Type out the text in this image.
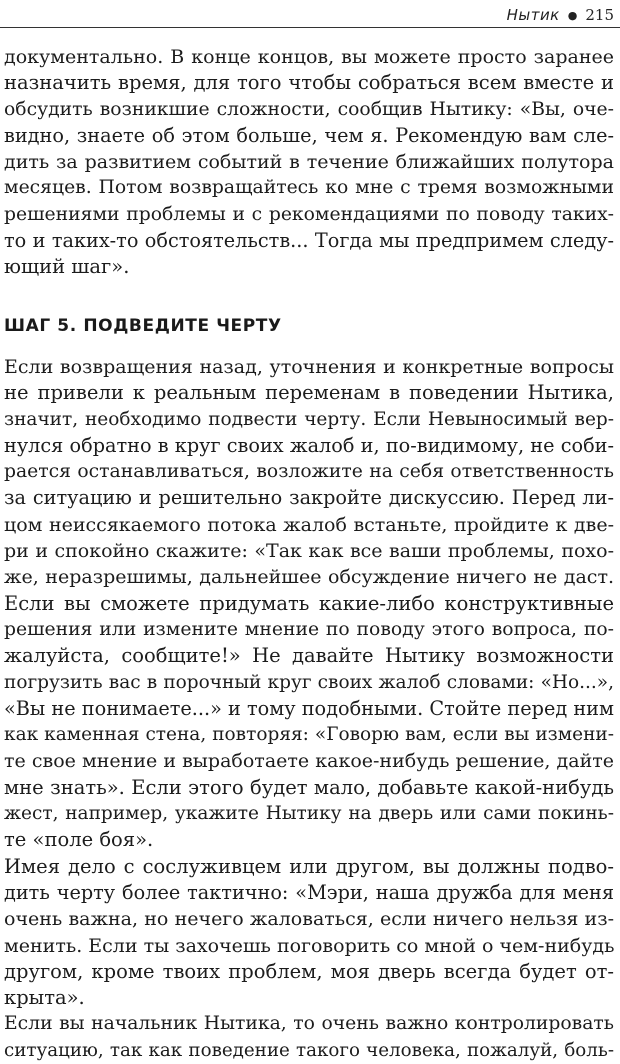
Нытик ● 215
документально. В конце концов, вы можете просто заранее
назначить время, для того чтобы собраться всем вместе и
обсудить возникшие сложности, сообщив Нытику: «Вы, оче-
видно, знаете об этом больше, чем я. Рекомендую вам сле-
дить за развитием событий в течение ближайших полутора
месяцев. Потом возвращайтесь ко мне с тремя возможными
решениями проблемы и с рекомендациями по поводу таких-
то и таких-то обстоятельств... Тогда мы предпримем следу-
ющий шаг».
ШАГ 5. ПОДВЕДИТЕ ЧЕРТУ
Если возвращения назад, уточнения и конкретные вопросы
не привели к реальным переменам в поведении Нытика,
значит, необходимо подвести черту. Если Невыносимый вер-
нулся обратно в круг своих жалоб и, по-видимому, не соби-
рается останавливаться, возложите на себя ответственность
за ситуацию и решительно закройте дискуссию. Перед ли-
цом неиссякаемого потока жалоб встаньте, пройдите к две-
ри и спокойно скажите: «Так как все ваши проблемы, похо-
же, неразрешимы, дальнейшее обсуждение ничего не даст.
Если вы сможете придумать какие-либо конструктивные
решения или измените мнение по поводу этого вопроса, по-
жалуйста, сообщите!» Не давайте Нытику возможности
погрузить вас в порочный круг своих жалоб словами: «Но...»,
«Вы не понимаете...» и тому подобными. Стойте перед ним
как каменная стена, повторяя: «Говорю вам, если вы измени-
те свое мнение и выработаете какое-нибудь решение, дайте
мне знать». Если этого будет мало, добавьте какой-нибудь
жест, например, укажите Нытику на дверь или сами покинь-
те «поле боя».
Имея дело с сослуживцем или другом, вы должны подво-
дить черту более тактично: «Мэри, наша дружба для меня
очень важна, но нечего жаловаться, если ничего нельзя из-
менить. Если ты захочешь поговорить со мной о чем-нибудь
другом, кроме твоих проблем, моя дверь всегда будет от-
крыта».
Если вы начальник Нытика, то очень важно контролировать
ситуацию, так как поведение такого человека, пожалуй, боль-
